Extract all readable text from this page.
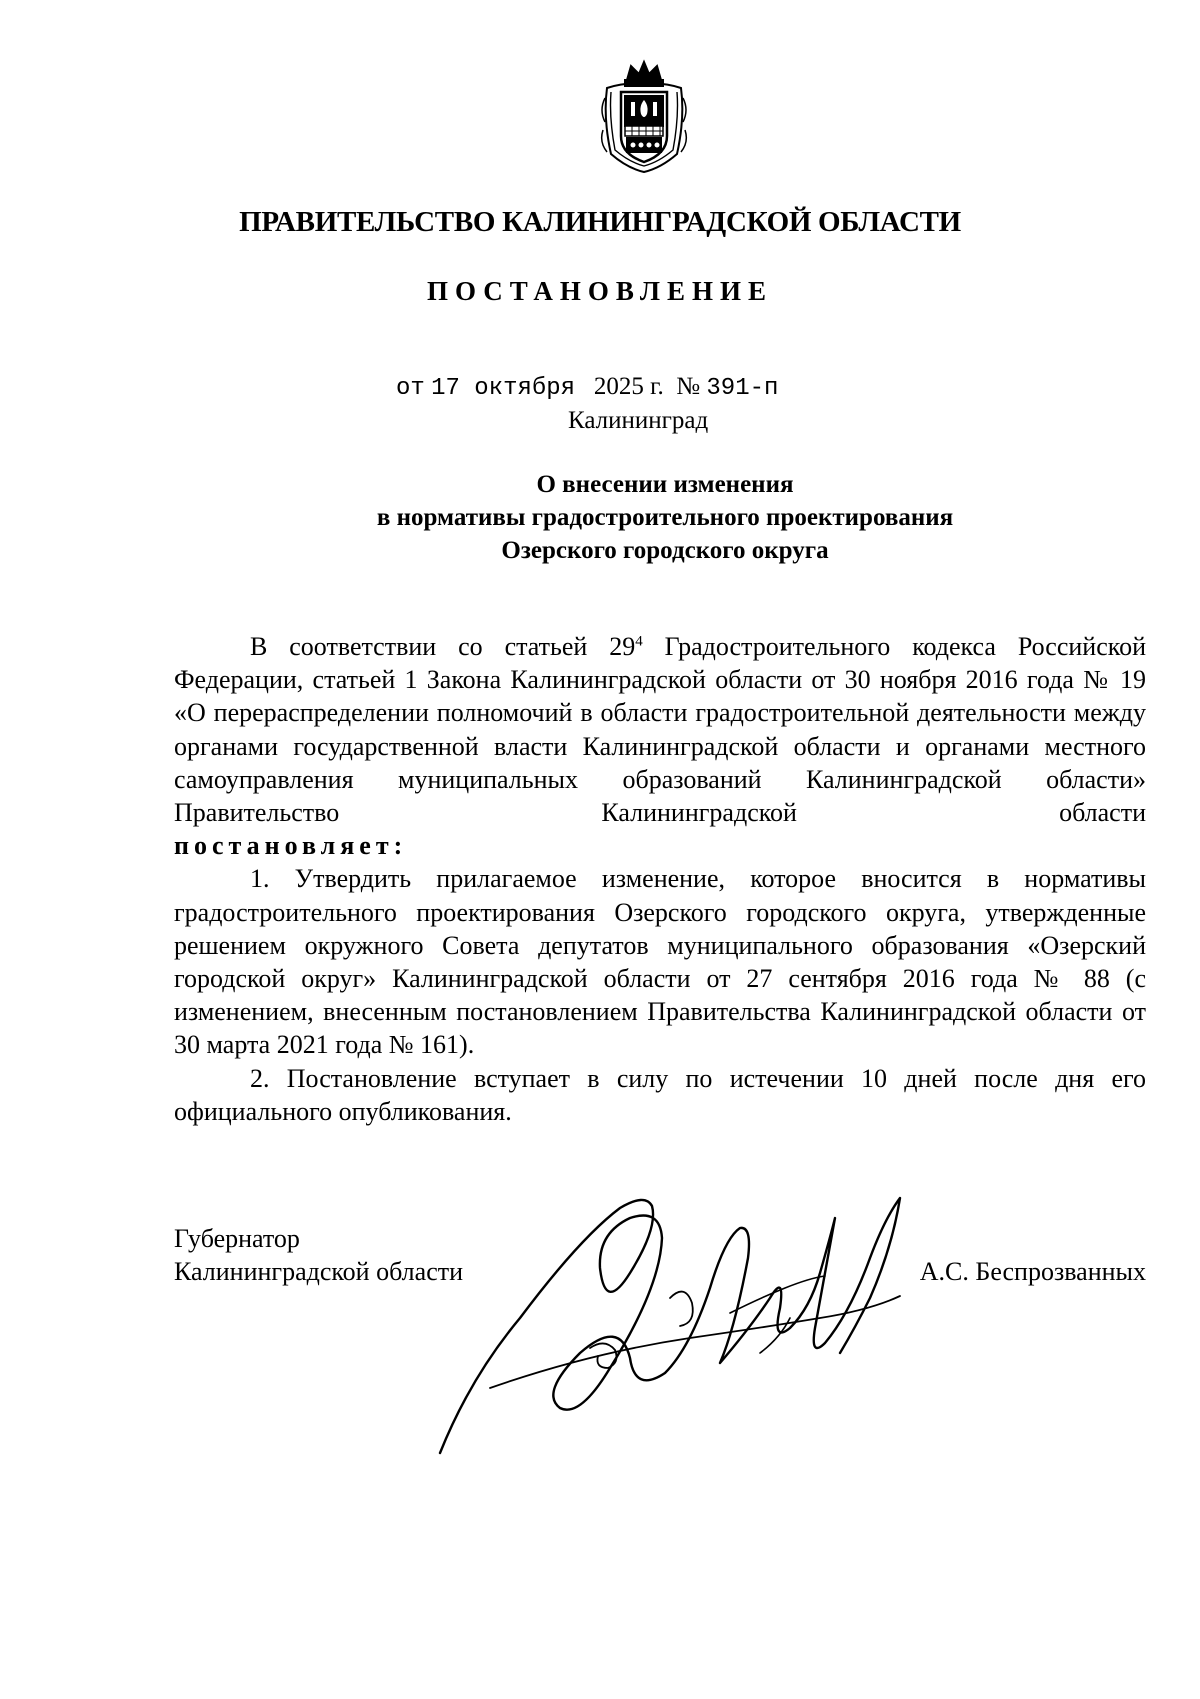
ПРАВИТЕЛЬСТВО КАЛИНИНГРАДСКОЙ ОБЛАСТИ
ПОСТАНОВЛЕНИЕ
от 17 октября 2025 г. № 391-п
Калининград
О внесении изменения
в нормативы градостроительного проектирования
Озерского городского округа

В соответствии со статьей $29^4$ Градостроительного кодекса Российской Федерации, статьей 1 Закона Калининградской области от 30 ноября 2016 года № 19 «О перераспределении полномочий в области градостроительной деятельности между органами государственной власти Калининградской области и органами местного самоуправления муниципальных образований Калининградской области» Правительство Калининградской области

постановляет:

1. Утвердить прилагаемое изменение, которое вносится в нормативы градостроительного проектирования Озерского городского округа, утвержденные решением окружного Совета депутатов муниципального образования «Озерский городской округ» Калининградской области от 27 сентября 2016 года № 88 (с изменением, внесенным постановлением Правительства Калининградской области от 30 марта 2021 года № 161).

2. Постановление вступает в силу по истечении 10 дней после дня его официального опубликования.

Губернатор
Калининградской области	А.С. Беспрозванных
